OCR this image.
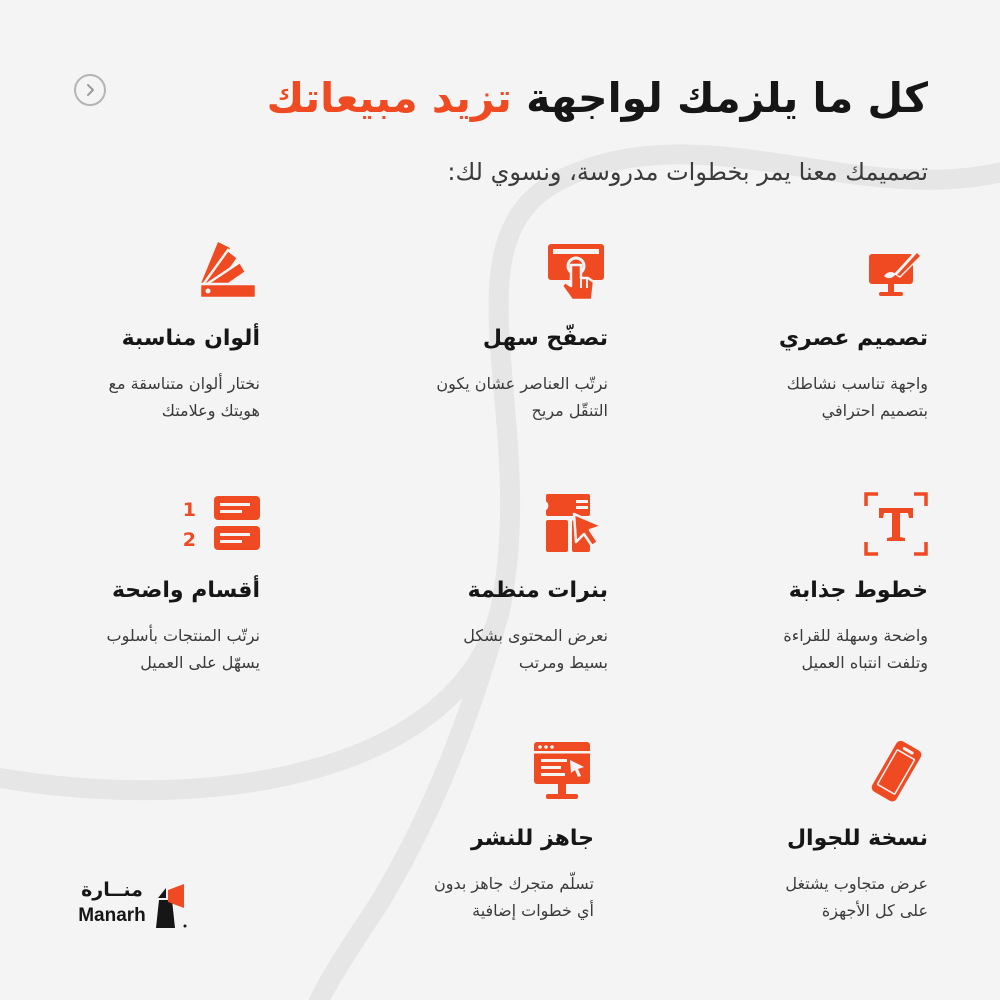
كل ما يلزمك لواجهة تزيد مبيعاتك

تصميمك معنا يمر بخطوات مدروسة، ونسوي لك:

تصميم عصري
واجهة تناسب نشاطك
بتصميم احترافي
تصفّح سهل
نرتّب العناصر عشان يكون
التنقّل مريح
ألوان مناسبة
نختار ألوان متناسقة مع
هويتك وعلامتك
خطوط جذابة
واضحة وسهلة للقراءة
وتلفت انتباه العميل
AD
بنرات منظمة
نعرض المحتوى بشكل
بسيط ومرتب
1
2
أقسام واضحة
نرتّب المنتجات بأسلوب
يسهّل على العميل
نسخة للجوال
عرض متجاوب يشتغل
على كل الأجهزة
جاهز للنشر
تسلّم متجرك جاهز بدون
أي خطوات إضافية
منــارة
Manarh
